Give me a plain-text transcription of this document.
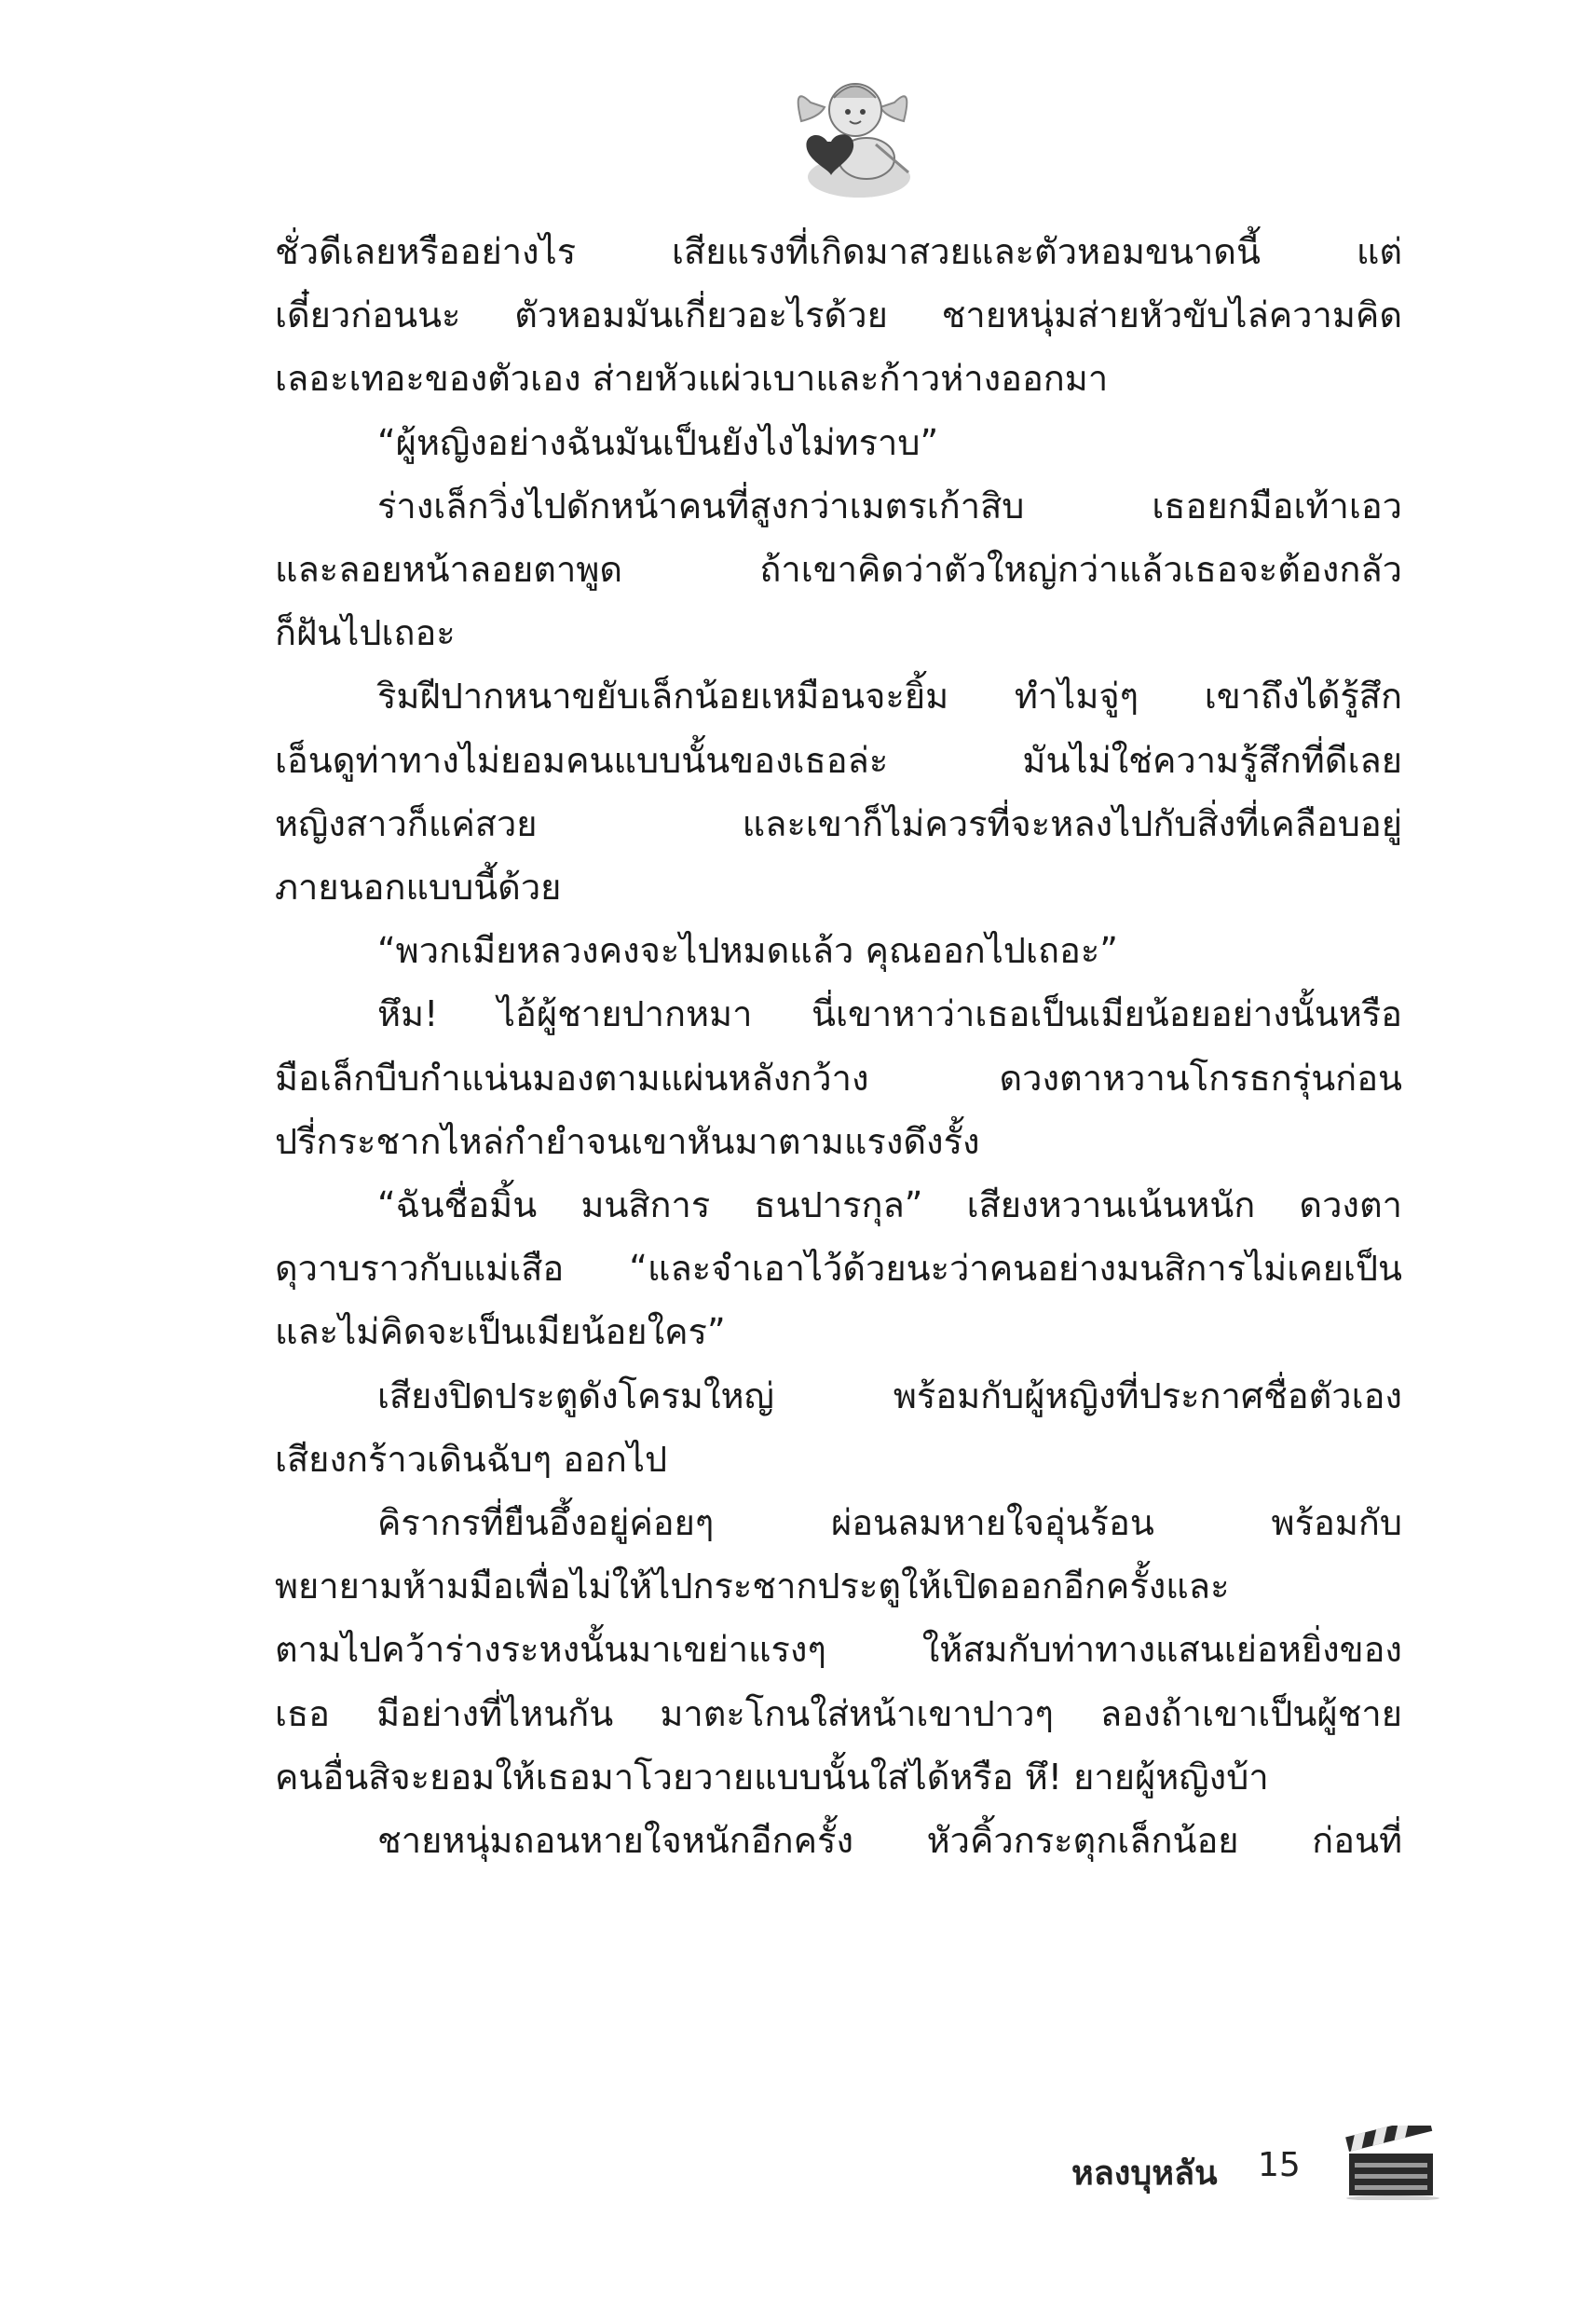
ชั่วดีเลยหรืออย่างไร เสียแรงที่เกิดมาสวยและตัวหอมขนาดนี้ แต่
เดี๋ยวก่อนนะ ตัวหอมมันเกี่ยวอะไรด้วย ชายหนุ่มส่ายหัวขับไล่ความคิด
เลอะเทอะของตัวเอง ส่ายหัวแผ่วเบาและก้าวห่างออกมา
“ผู้หญิงอย่างฉันมันเป็นยังไงไม่ทราบ”
ร่างเล็กวิ่งไปดักหน้าคนที่สูงกว่าเมตรเก้าสิบ เธอยกมือเท้าเอว
และลอยหน้าลอยตาพูด ถ้าเขาคิดว่าตัวใหญ่กว่าแล้วเธอจะต้องกลัว
ก็ฝันไปเถอะ
ริมฝีปากหนาขยับเล็กน้อยเหมือนจะยิ้ม ทำไมจู่ๆ เขาถึงได้รู้สึก
เอ็นดูท่าทางไม่ยอมคนแบบนั้นของเธอล่ะ มันไม่ใช่ความรู้สึกที่ดีเลย
หญิงสาวก็แค่สวย และเขาก็ไม่ควรที่จะหลงไปกับสิ่งที่เคลือบอยู่
ภายนอกแบบนี้ด้วย
“พวกเมียหลวงคงจะไปหมดแล้ว คุณออกไปเถอะ”
หึม! ไอ้ผู้ชายปากหมา นี่เขาหาว่าเธอเป็นเมียน้อยอย่างนั้นหรือ
มือเล็กบีบกำแน่นมองตามแผ่นหลังกว้าง ดวงตาหวานโกรธกรุ่นก่อน
ปรี่กระชากไหล่กำยำจนเขาหันมาตามแรงดึงรั้ง
“ฉันชื่อมิ้น มนสิการ ธนปารกุล” เสียงหวานเน้นหนัก ดวงตา
ดุวาบราวกับแม่เสือ “และจำเอาไว้ด้วยนะว่าคนอย่างมนสิการไม่เคยเป็น
และไม่คิดจะเป็นเมียน้อยใคร”
เสียงปิดประตูดังโครมใหญ่ พร้อมกับผู้หญิงที่ประกาศชื่อตัวเอง
เสียงกร้าวเดินฉับๆ ออกไป
คิรากรที่ยืนอึ้งอยู่ค่อยๆ ผ่อนลมหายใจอุ่นร้อน พร้อมกับ
พยายามห้ามมือเพื่อไม่ให้ไปกระชากประตูให้เปิดออกอีกครั้งและ
ตามไปคว้าร่างระหงนั้นมาเขย่าแรงๆ ให้สมกับท่าทางแสนเย่อหยิ่งของ
เธอ มีอย่างที่ไหนกัน มาตะโกนใส่หน้าเขาปาวๆ ลองถ้าเขาเป็นผู้ชาย
คนอื่นสิจะยอมให้เธอมาโวยวายแบบนั้นใส่ได้หรือ หึ! ยายผู้หญิงบ้า
ชายหนุ่มถอนหายใจหนักอีกครั้ง หัวคิ้วกระตุกเล็กน้อย ก่อนที่
หลงบุหลัน 15
